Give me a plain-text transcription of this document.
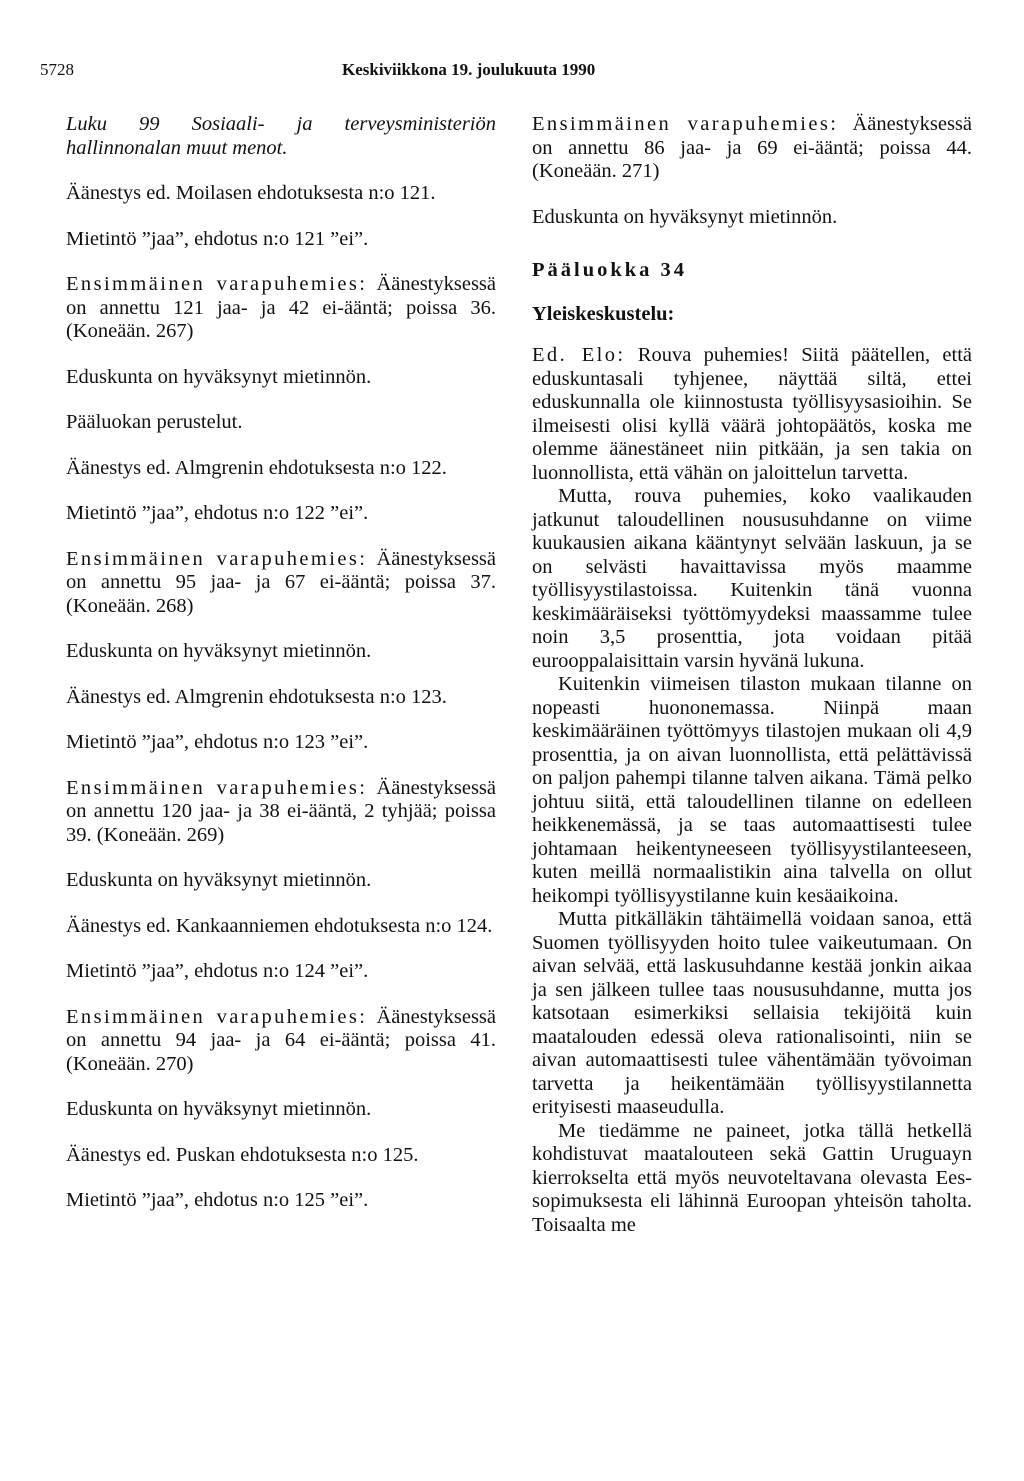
5728	Keskiviikkona 19. joulukuuta 1990

Luku 99 Sosiaali- ja terveysministeriön hallinnonalan muut menot.

Äänestys ed. Moilasen ehdotuksesta n:o 121.

Mietintö ”jaa”, ehdotus n:o 121 ”ei”.

Ensimmäinen varapuhemies: Äänestyksessä on annettu 121 jaa- ja 42 ei-ääntä; poissa 36. (Koneään. 267)

Eduskunta on hyväksynyt mietinnön.

Pääluokan perustelut.

Äänestys ed. Almgrenin ehdotuksesta n:o 122.

Mietintö ”jaa”, ehdotus n:o 122 ”ei”.

Ensimmäinen varapuhemies: Äänestyksessä on annettu 95 jaa- ja 67 ei-ääntä; poissa 37. (Koneään. 268)

Eduskunta on hyväksynyt mietinnön.

Äänestys ed. Almgrenin ehdotuksesta n:o 123.

Mietintö ”jaa”, ehdotus n:o 123 ”ei”.

Ensimmäinen varapuhemies: Äänestyksessä on annettu 120 jaa- ja 38 ei-ääntä, 2 tyhjää; poissa 39. (Koneään. 269)

Eduskunta on hyväksynyt mietinnön.

Äänestys ed. Kankaanniemen ehdotuksesta n:o 124.

Mietintö ”jaa”, ehdotus n:o 124 ”ei”.

Ensimmäinen varapuhemies: Äänestyksessä on annettu 94 jaa- ja 64 ei-ääntä; poissa 41. (Koneään. 270)

Eduskunta on hyväksynyt mietinnön.

Äänestys ed. Puskan ehdotuksesta n:o 125.

Mietintö ”jaa”, ehdotus n:o 125 ”ei”.

Ensimmäinen varapuhemies: Äänestyksessä on annettu 86 jaa- ja 69 ei-ääntä; poissa 44. (Koneään. 271)

Eduskunta on hyväksynyt mietinnön.

Pääluokka 34

Yleiskeskustelu:

Ed. Elo: Rouva puhemies! Siitä päätellen, että eduskuntasali tyhjenee, näyttää siltä, ettei eduskunnalla ole kiinnostusta työllisyysasioihin. Se ilmeisesti olisi kyllä väärä johtopäätös, koska me olemme äänestäneet niin pitkään, ja sen takia on luonnollista, että vähän on jaloittelun tarvetta.

Mutta, rouva puhemies, koko vaalikauden jatkunut taloudellinen noususuhdanne on viime kuukausien aikana kääntynyt selvään laskuun, ja se on selvästi havaittavissa myös maamme työllisyystilastoissa. Kuitenkin tänä vuonna keskimääräiseksi työttömyydeksi maassamme tulee noin 3,5 prosenttia, jota voidaan pitää eurooppalaisittain varsin hyvänä lukuna.

Kuitenkin viimeisen tilaston mukaan tilanne on nopeasti huononemassa. Niinpä maan keskimääräinen työttömyys tilastojen mukaan oli 4,9 prosenttia, ja on aivan luonnollista, että pelättävissä on paljon pahempi tilanne talven aikana. Tämä pelko johtuu siitä, että taloudellinen tilanne on edelleen heikkenemässä, ja se taas automaattisesti tulee johtamaan heikentyneeseen työllisyystilanteeseen, kuten meillä normaalistikin aina talvella on ollut heikompi työllisyystilanne kuin kesäaikoina.

Mutta pitkälläkin tähtäimellä voidaan sanoa, että Suomen työllisyyden hoito tulee vaikeutumaan. On aivan selvää, että laskusuhdanne kestää jonkin aikaa ja sen jälkeen tullee taas noususuhdanne, mutta jos katsotaan esimerkiksi sellaisia tekijöitä kuin maatalouden edessä oleva rationalisointi, niin se aivan automaattisesti tulee vähentämään työvoiman tarvetta ja heikentämään työllisyystilannetta erityisesti maaseudulla.

Me tiedämme ne paineet, jotka tällä hetkellä kohdistuvat maatalouteen sekä Gattin Uruguayn kierrokselta että myös neuvoteltavana olevasta Ees-sopimuksesta eli lähinnä Euroopan yhteisön taholta. Toisaalta me
